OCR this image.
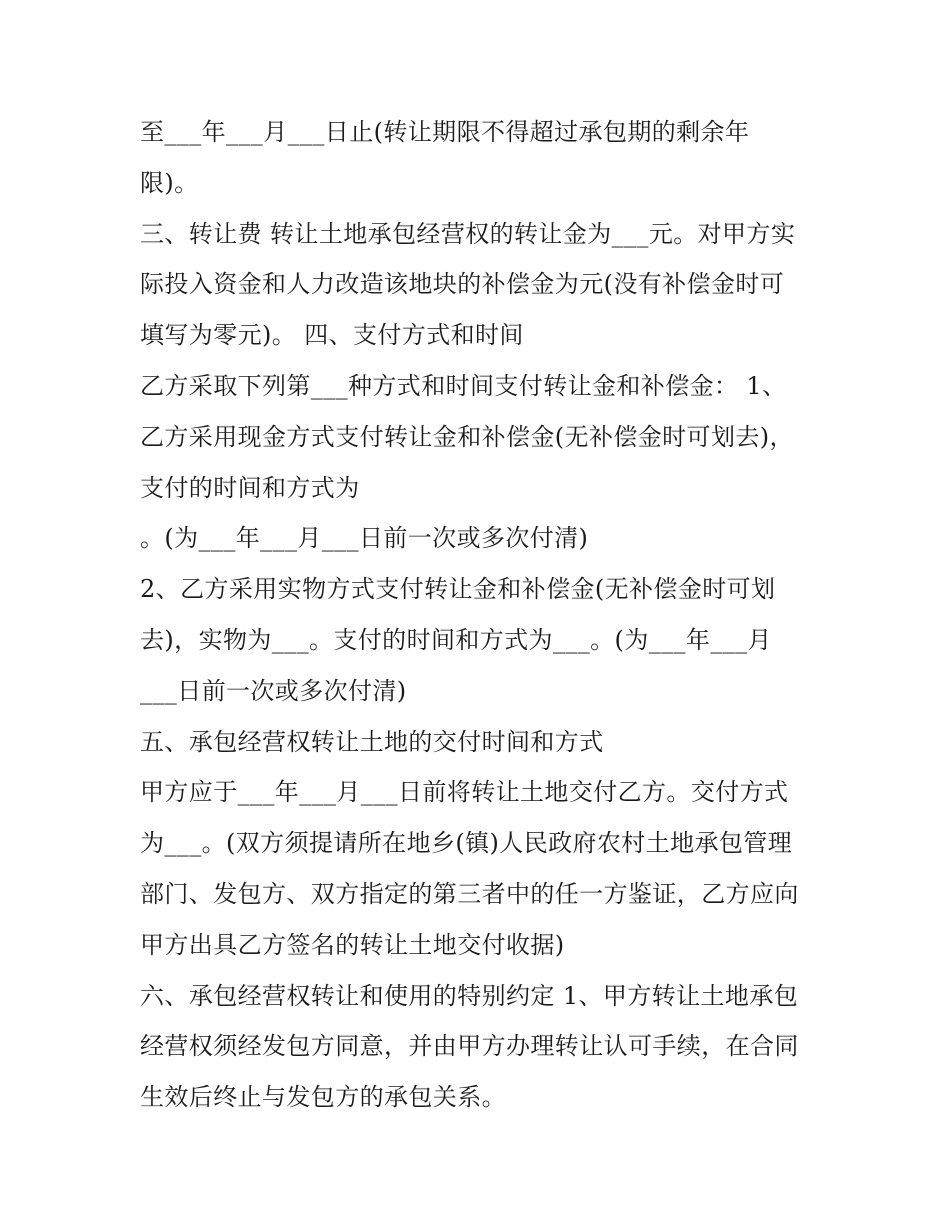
至___年___月___日止(转让期限不得超过承包期的剩余年
限)。
三、转让费 转让土地承包经营权的转让金为___元。对甲方实
际投入资金和人力改造该地块的补偿金为元(没有补偿金时可
填写为零元)。 四、支付方式和时间
乙方采取下列第___种方式和时间支付转让金和补偿金： 1、
乙方采用现金方式支付转让金和补偿金(无补偿金时可划去)，
支付的时间和方式为
。(为___年___月___日前一次或多次付清)
2、乙方采用实物方式支付转让金和补偿金(无补偿金时可划
去)，实物为___。支付的时间和方式为___。(为___年___月
___日前一次或多次付清)
五、承包经营权转让土地的交付时间和方式
甲方应于___年___月___日前将转让土地交付乙方。交付方式
为___。(双方须提请所在地乡(镇)人民政府农村土地承包管理
部门、发包方、双方指定的第三者中的任一方鉴证，乙方应向
甲方出具乙方签名的转让土地交付收据)
六、承包经营权转让和使用的特别约定 1、甲方转让土地承包
经营权须经发包方同意，并由甲方办理转让认可手续，在合同
生效后终止与发包方的承包关系。
